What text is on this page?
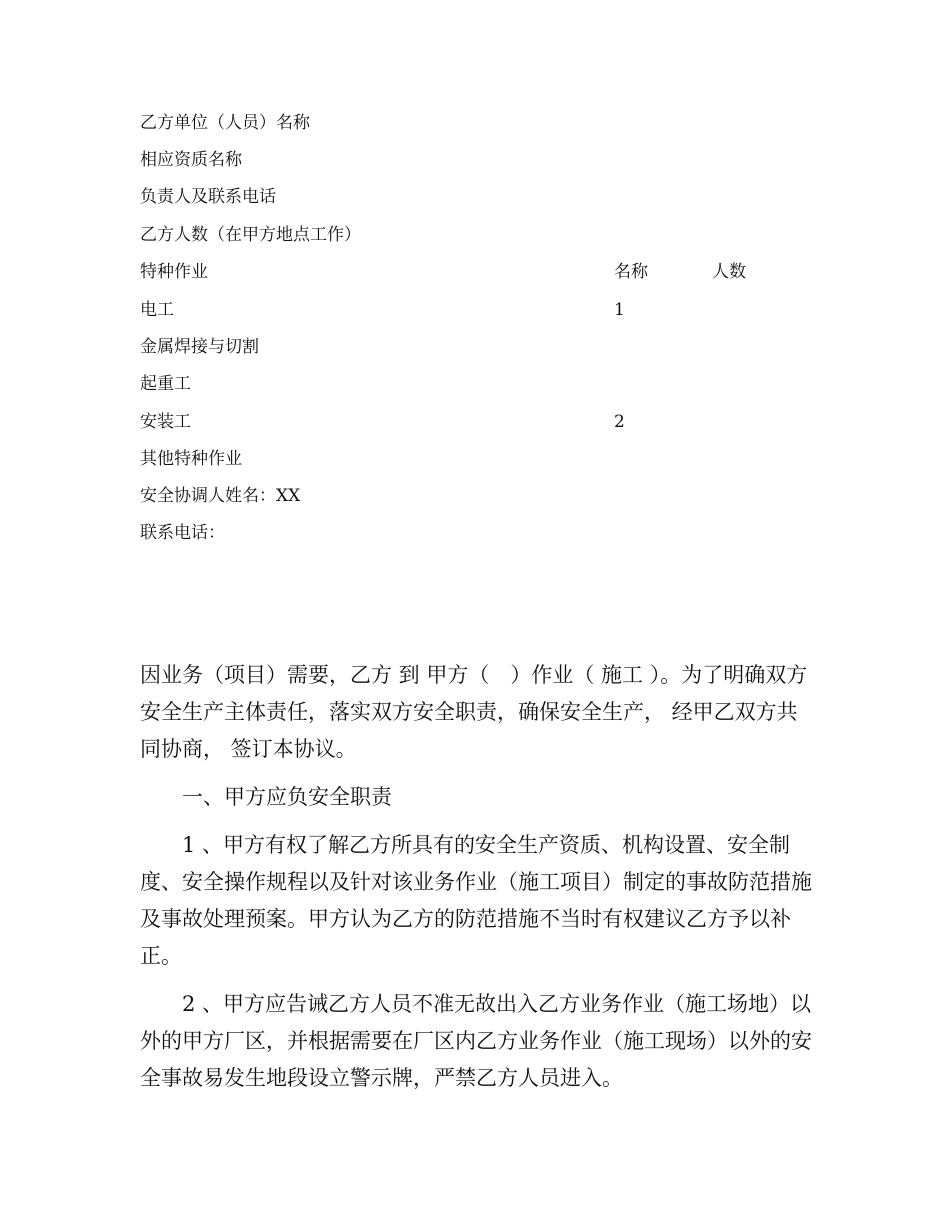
乙方单位（人员）名称
相应资质名称
负责人及联系电话
乙方人数（在甲方地点工作）
特种作业	名称	人数
电工	1
金属焊接与切割
起重工
安装工	2
其他特种作业
安全协调人姓名：XX
联系电话：

因业务（项目）需要，乙方 到 甲方（　）作业（ 施工 ）。为了明确双方安全生产主体责任，落实双方安全职责，确保安全生产， 经甲乙双方共同协商， 签订本协议。

一、甲方应负安全职责

1 、甲方有权了解乙方所具有的安全生产资质、机构设置、安全制度、安全操作规程以及针对该业务作业（施工项目）制定的事故防范措施及事故处理预案。甲方认为乙方的防范措施不当时有权建议乙方予以补正。

2 、甲方应告诫乙方人员不准无故出入乙方业务作业（施工场地）以外的甲方厂区，并根据需要在厂区内乙方业务作业（施工现场）以外的安全事故易发生地段设立警示牌，严禁乙方人员进入。
